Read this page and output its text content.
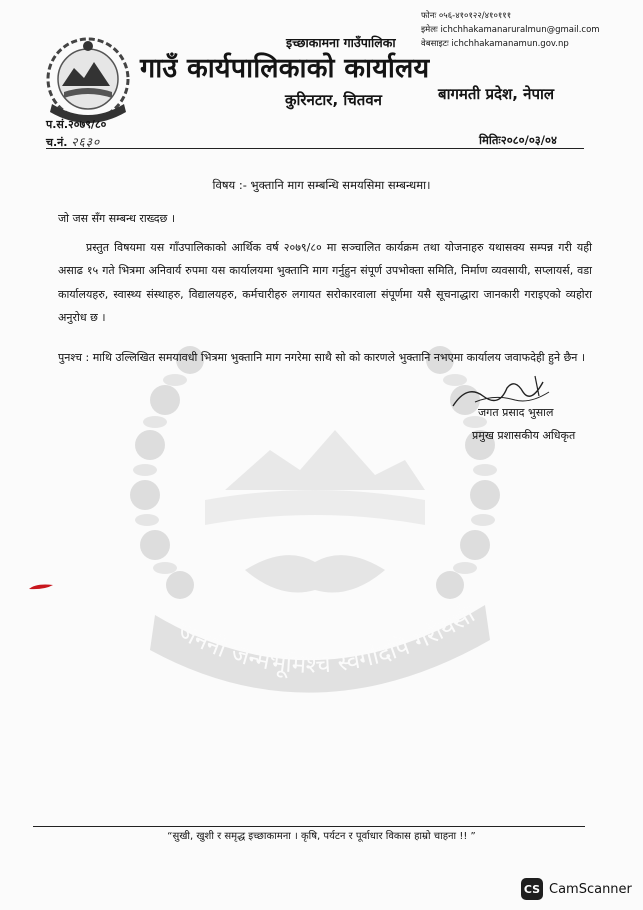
जननी जन्मभूमिश्च स्वर्गादपि गरीयसी
इच्छाकामना गाउँपालिका
गाउँ कार्यपालिकाको कार्यालय
कुरिनटार, चितवन
फोनः ०५६-४१०१२२/४१०१११
इमेलः ichchhakamanaruralmun@gmail.com
वेबसाइटः ichchhakamanamun.gov.np
बागमती प्रदेश, नेपाल
प.सं.२०७९/८०
च.नं. २६३०	मितिः२०८०/०३/०४
विषय :- भुक्तानि माग सम्बन्धि समयसिमा सम्बन्धमा।
जो जस सँग सम्बन्ध राख्दछ ।
प्रस्तुत विषयमा यस गाँउपालिकाको आर्थिक वर्ष २०७९/८० मा सञ्चालित कार्यक्रम तथा योजनाहरु यथासक्य सम्पन्न गरी यही असाढ १५ गते भित्रमा अनिवार्य रुपमा यस कार्यालयमा भुक्तानि माग गर्नुहुन संपूर्ण उपभोक्ता समिति, निर्माण व्यवसायी, सप्लायर्स, वडा कार्यालयहरु, स्वास्थ्य संस्थाहरु, विद्यालयहरु, कर्मचारीहरु लगायत सरोकारवाला संपूर्णमा यसै सूचनाद्धारा जानकारी गराइएको व्यहोरा अनुरोध छ ।
पुनश्च : माथि उल्लिखित समयावधी भित्रमा भुक्तानि माग नगरेमा साथै सो को कारणले भुक्तानि नभएमा कार्यालय जवाफदेही हुने छैन ।
जगत प्रसाद भुसाल
प्रमुख प्रशासकीय अधिकृत
“सुखी, खुशी र समृद्ध इच्छाकामना । कृषि, पर्यटन र पूर्वाधार विकास हाम्रो चाहना !! ”
CS CamScanner
